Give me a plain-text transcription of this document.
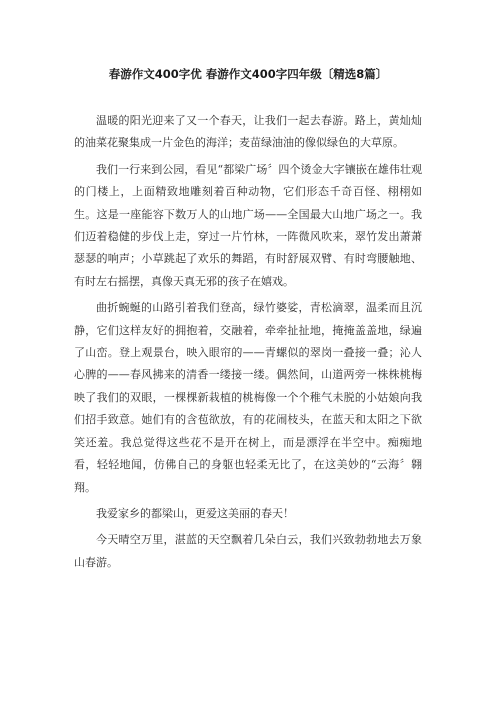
春游作文400字优 春游作文400字四年级〔精选8篇〕

温暖的阳光迎来了又一个春天，让我们一起去春游。路上，黄灿灿的油菜花聚集成一片金色的海洋；麦苗绿油油的像似绿色的大草原。

我们一行来到公园，看见“都梁广场〞四个烫金大字镶嵌在雄伟壮观的门楼上，上面精致地雕刻着百种动物，它们形态千奇百怪、栩栩如生。这是一座能容下数万人的山地广场——全国最大山地广场之一。我们迈着稳健的步伐上走，穿过一片竹林，一阵微风吹来，翠竹发出萧萧瑟瑟的响声；小草跳起了欢乐的舞蹈，有时舒展双臂、有时弯腰触地、有时左右摇摆，真像天真无邪的孩子在嬉戏。

曲折蜿蜒的山路引着我们登高，绿竹婆娑，青松滴翠，温柔而且沉静，它们这样友好的拥抱着，交融着，牵牵扯扯地，掩掩盖盖地，绿遍了山峦。登上观景台，映入眼帘的——青螺似的翠岗一叠接一叠；沁人心脾的——春风拂来的清香一缕接一缕。偶然间，山道两旁一株株桃梅映了我们的双眼，一棵棵新栽植的桃梅像一个个稚气未脱的小姑娘向我们招手致意。她们有的含苞欲放，有的花闹枝头，在蓝天和太阳之下欲笑还羞。我总觉得这些花不是开在树上，而是漂浮在半空中。痴痴地看，轻轻地闻，仿佛自己的身躯也轻柔无比了，在这美妙的“云海〞翱翔。

我爱家乡的都梁山，更爱这美丽的春天！

今天晴空万里，湛蓝的天空飘着几朵白云，我们兴致勃勃地去万象山春游。
